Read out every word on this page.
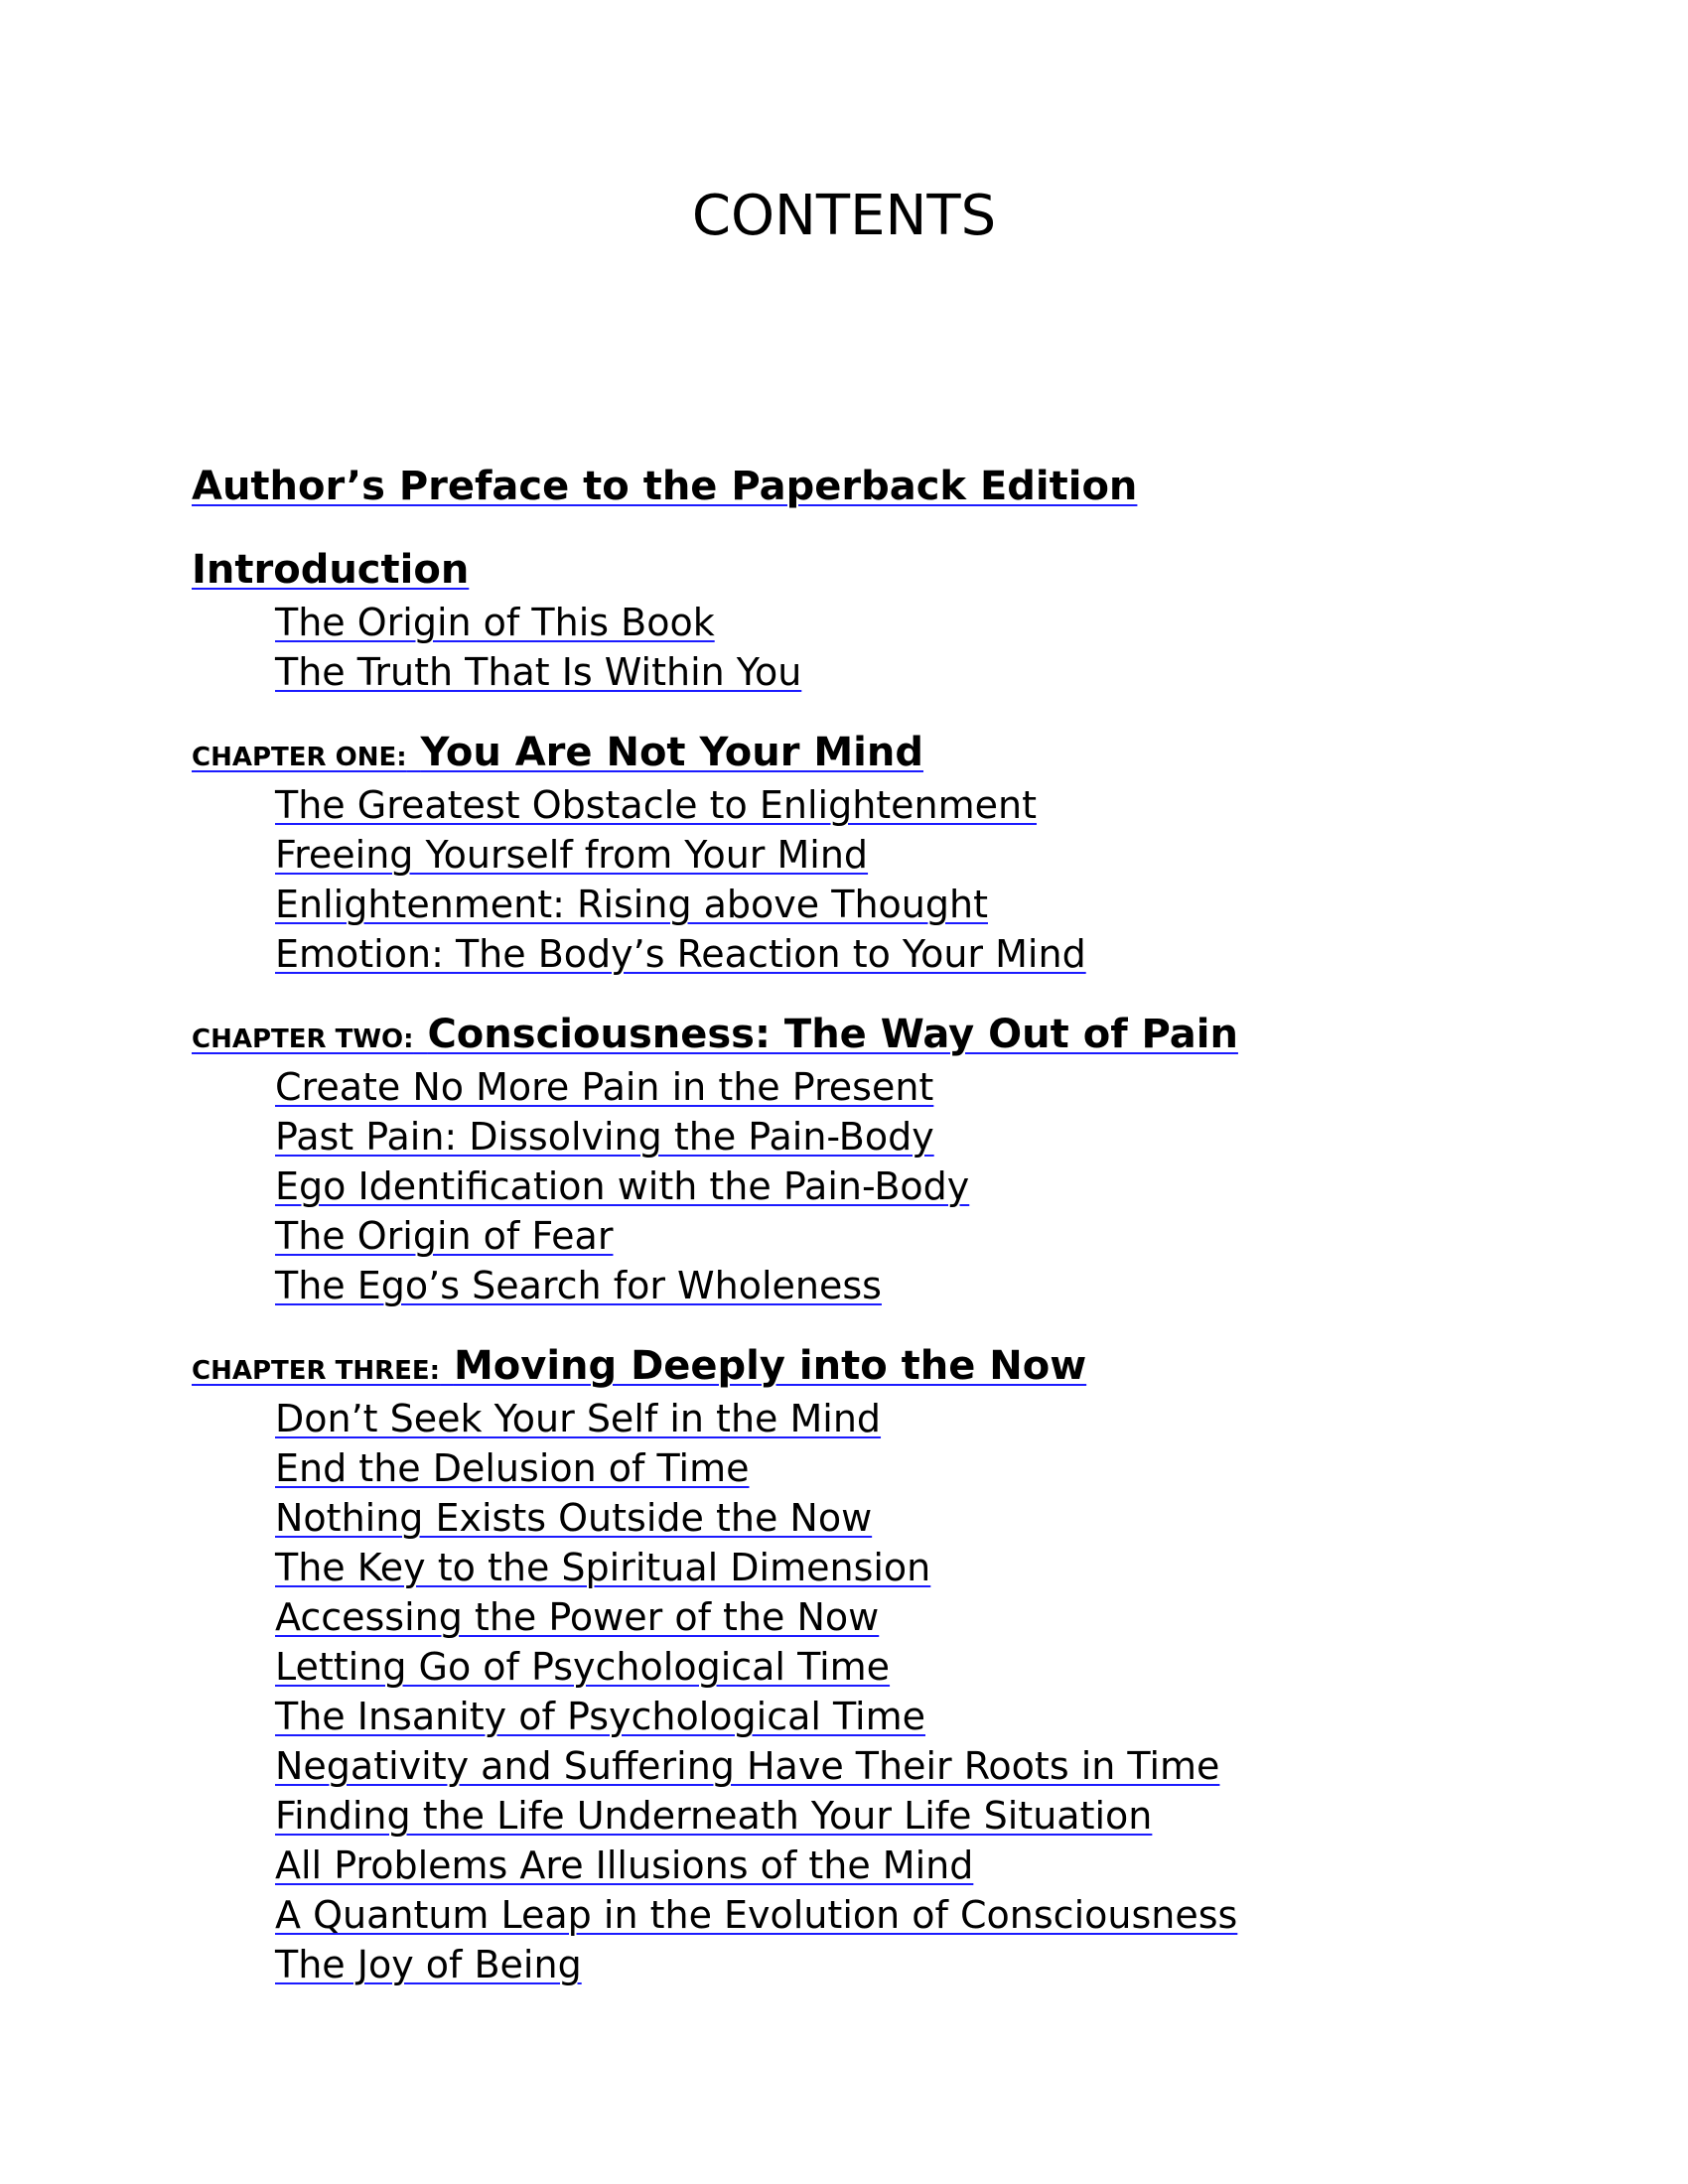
CONTENTS
Author’s Preface to the Paperback Edition
Introduction
The Origin of This Book
The Truth That Is Within You
CHAPTER ONE: You Are Not Your Mind
The Greatest Obstacle to Enlightenment
Freeing Yourself from Your Mind
Enlightenment: Rising above Thought
Emotion: The Body’s Reaction to Your Mind
CHAPTER TWO: Consciousness: The Way Out of Pain
Create No More Pain in the Present
Past Pain: Dissolving the Pain-Body
Ego Identification with the Pain-Body
The Origin of Fear
The Ego’s Search for Wholeness
CHAPTER THREE: Moving Deeply into the Now
Don’t Seek Your Self in the Mind
End the Delusion of Time
Nothing Exists Outside the Now
The Key to the Spiritual Dimension
Accessing the Power of the Now
Letting Go of Psychological Time
The Insanity of Psychological Time
Negativity and Suffering Have Their Roots in Time
Finding the Life Underneath Your Life Situation
All Problems Are Illusions of the Mind
A Quantum Leap in the Evolution of Consciousness
The Joy of Being
